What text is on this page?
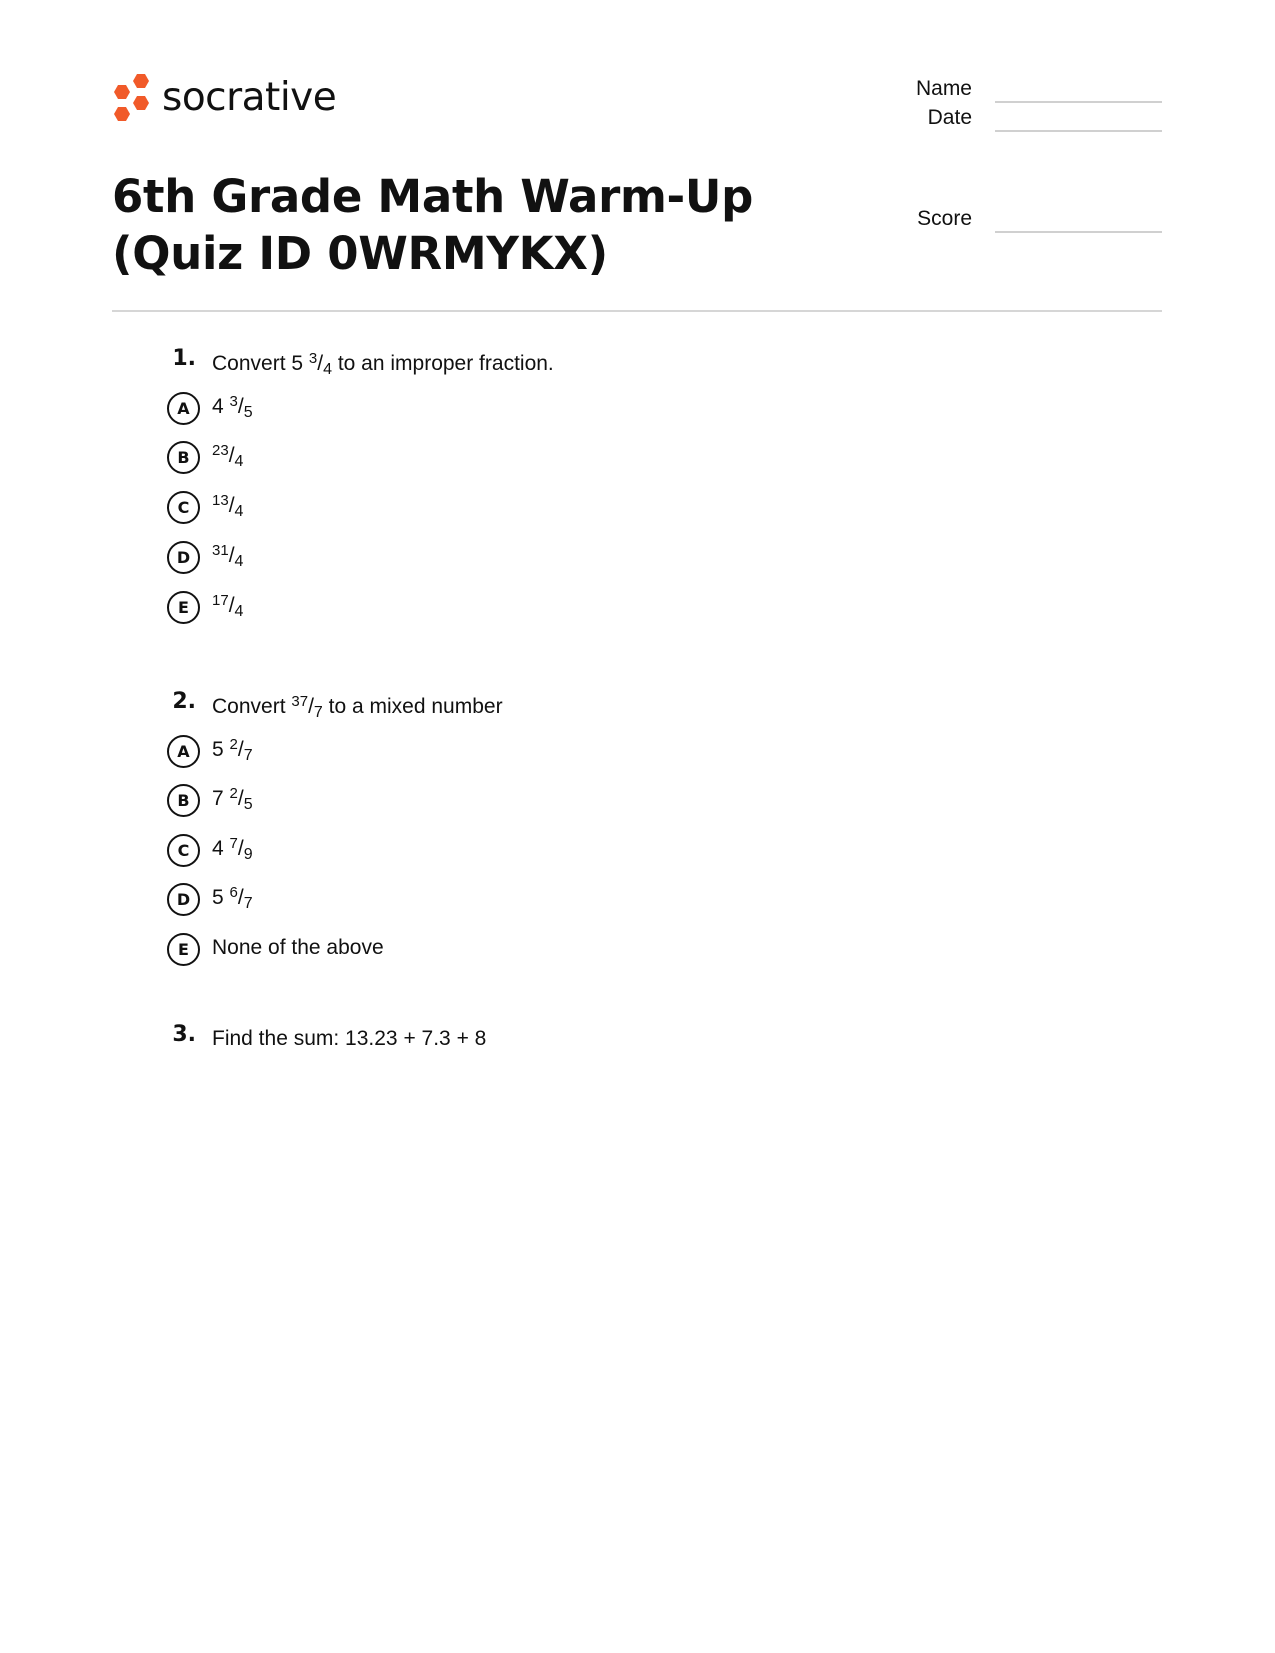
socrative	Name
Date
Score
6th Grade Math Warm-Up (Quiz ID 0WRMYKX)
1. Convert 5 $^3/_4$ to an improper fraction.
A	4 $^3/_5$
B	$^{23}/_4$
C	$^{13}/_4$
D	$^{31}/_4$
E	$^{17}/_4$
2. Convert $^{37}/_7$ to a mixed number
A	5 $^2/_7$
B	7 $^2/_5$
C	4 $^7/_9$
D	5 $^6/_7$
E	None of the above
3. Find the sum: 13.23 + 7.3 + 8
